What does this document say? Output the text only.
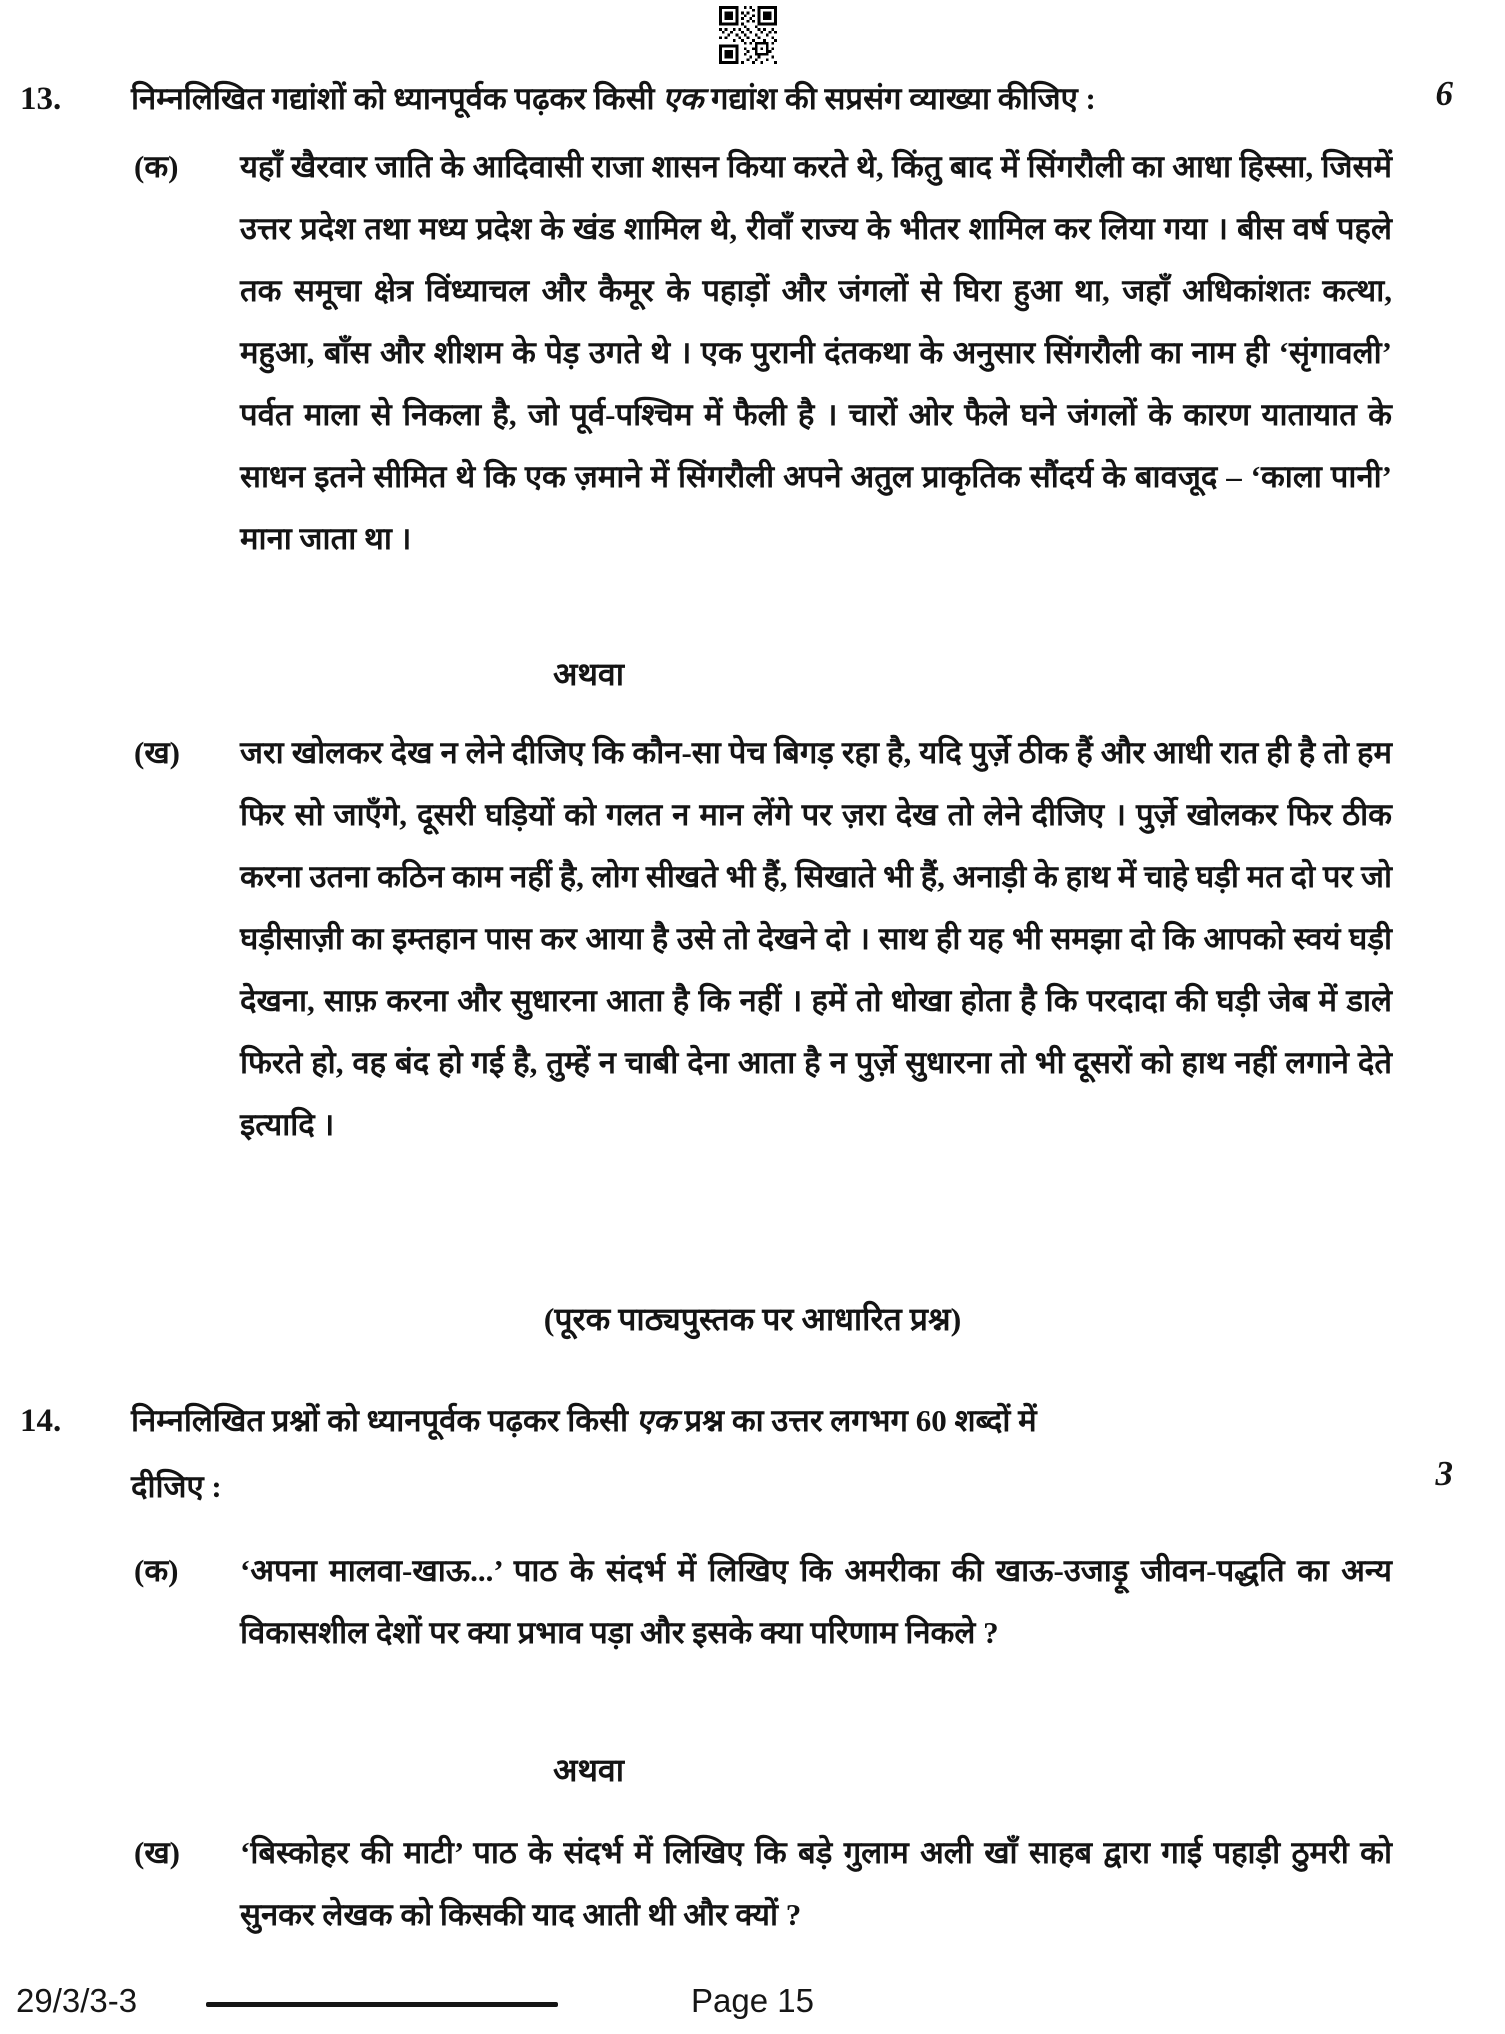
13. निम्नलिखित गद्यांशों को ध्यानपूर्वक पढ़कर किसी एक गद्यांश की सप्रसंग व्याख्या कीजिए :	6
(क) यहाँ खैरवार जाति के आदिवासी राजा शासन किया करते थे, किंतु बाद में सिंगरौली का आधा हिस्सा, जिसमें उत्तर प्रदेश तथा मध्य प्रदेश के खंड शामिल थे, रीवाँ राज्य के भीतर शामिल कर लिया गया । बीस वर्ष पहले तक समूचा क्षेत्र विंध्याचल और कैमूर के पहाड़ों और जंगलों से घिरा हुआ था, जहाँ अधिकांशतः कत्था, महुआ, बाँस और शीशम के पेड़ उगते थे । एक पुरानी दंतकथा के अनुसार सिंगरौली का नाम ही ‘सृंगावली’ पर्वत माला से निकला है, जो पूर्व-पश्चिम में फैली है । चारों ओर फैले घने जंगलों के कारण यातायात के साधन इतने सीमित थे कि एक ज़माने में सिंगरौली अपने अतुल प्राकृतिक सौंदर्य के बावजूद – ‘काला पानी’ माना जाता था ।
अथवा
(ख) जरा खोलकर देख न लेने दीजिए कि कौन-सा पेच बिगड़ रहा है, यदि पुर्ज़े ठीक हैं और आधी रात ही है तो हम फिर सो जाएँगे, दूसरी घड़ियों को गलत न मान लेंगे पर ज़रा देख तो लेने दीजिए । पुर्ज़े खोलकर फिर ठीक करना उतना कठिन काम नहीं है, लोग सीखते भी हैं, सिखाते भी हैं, अनाड़ी के हाथ में चाहे घड़ी मत दो पर जो घड़ीसाज़ी का इम्तहान पास कर आया है उसे तो देखने दो । साथ ही यह भी समझा दो कि आपको स्वयं घड़ी देखना, साफ़ करना और सुधारना आता है कि नहीं । हमें तो धोखा होता है कि परदादा की घड़ी जेब में डाले फिरते हो, वह बंद हो गई है, तुम्हें न चाबी देना आता है न पुर्ज़े सुधारना तो भी दूसरों को हाथ नहीं लगाने देते इत्यादि ।
(पूरक पाठ्यपुस्तक पर आधारित प्रश्न)
14. निम्नलिखित प्रश्नों को ध्यानपूर्वक पढ़कर किसी एक प्रश्न का उत्तर लगभग 60 शब्दों में
दीजिए :	3
(क) ‘अपना मालवा-खाऊ...’ पाठ के संदर्भ में लिखिए कि अमरीका की खाऊ-उजाड़ू जीवन-पद्धति का अन्य विकासशील देशों पर क्या प्रभाव पड़ा और इसके क्या परिणाम निकले ?
अथवा
(ख) ‘बिस्कोहर की माटी’ पाठ के संदर्भ में लिखिए कि बड़े गुलाम अली खाँ साहब द्वारा गाई पहाड़ी ठुमरी को सुनकर लेखक को किसकी याद आती थी और क्यों ?
29/3/3-3	Page 15
